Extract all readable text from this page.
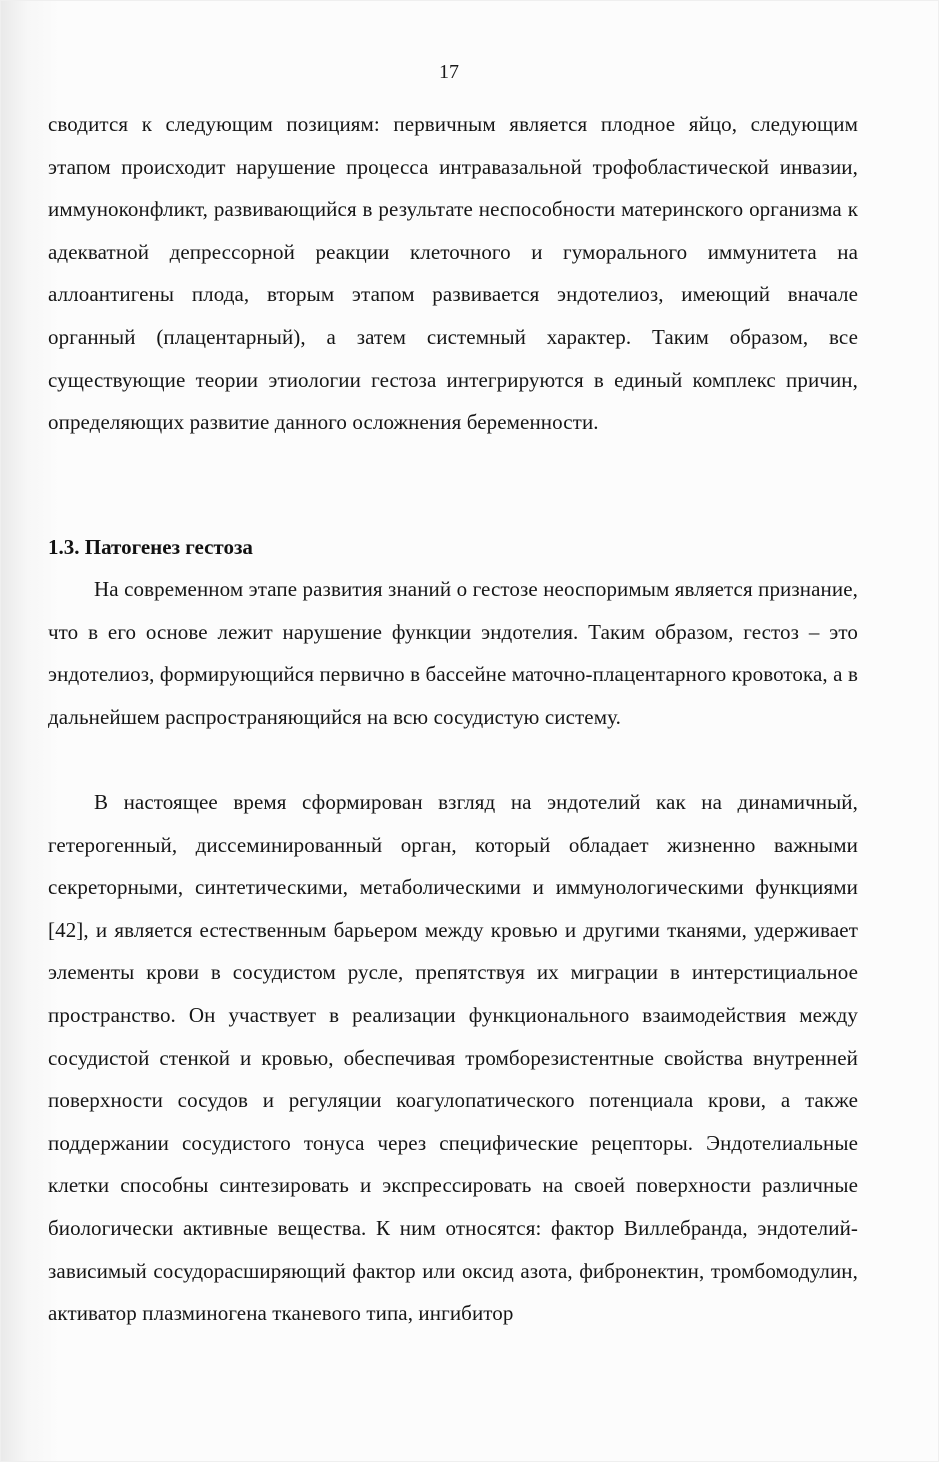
17

сводится к следующим позициям: первичным является плодное яйцо, следующим этапом происходит нарушение процесса интравазальной трофобластической инвазии, иммуноконфликт, развивающийся в результате неспособности материнского организма к адекватной депрессорной реакции клеточного и гуморального иммунитета на аллоантигены плода, вторым этапом развивается эндотелиоз, имеющий вначале органный (плацентарный), а затем системный характер. Таким образом, все существующие теории этиологии гестоза интегрируются в единый комплекс причин, определяющих развитие данного осложнения беременности.

1.3. Патогенез гестоза

На современном этапе развития знаний о гестозе неоспоримым является признание, что в его основе лежит нарушение функции эндотелия. Таким образом, гестоз – это эндотелиоз, формирующийся первично в бассейне маточно-плацентарного кровотока, а в дальнейшем распространяющийся на всю сосудистую систему.

В настоящее время сформирован взгляд на эндотелий как на динамичный, гетерогенный, диссеминированный орган, который обладает жизненно важными секреторными, синтетическими, метаболическими и иммунологическими функциями [42], и является естественным барьером между кровью и другими тканями, удерживает элементы крови в сосудистом русле, препятствуя их миграции в интерстициальное пространство. Он участвует в реализации функционального взаимодействия между сосудистой стенкой и кровью, обеспечивая тромборезистентные свойства внутренней поверхности сосудов и регуляции коагулопатического потенциала крови, а также поддержании сосудистого тонуса через специфические рецепторы. Эндотелиальные клетки способны синтезировать и экспрессировать на своей поверхности различные биологически активные вещества. К ним относятся: фактор Виллебранда, эндотелий-зависимый сосудорасширяющий фактор или оксид азота, фибронектин, тромбомодулин, активатор плазминогена тканевого типа, ингибитор
